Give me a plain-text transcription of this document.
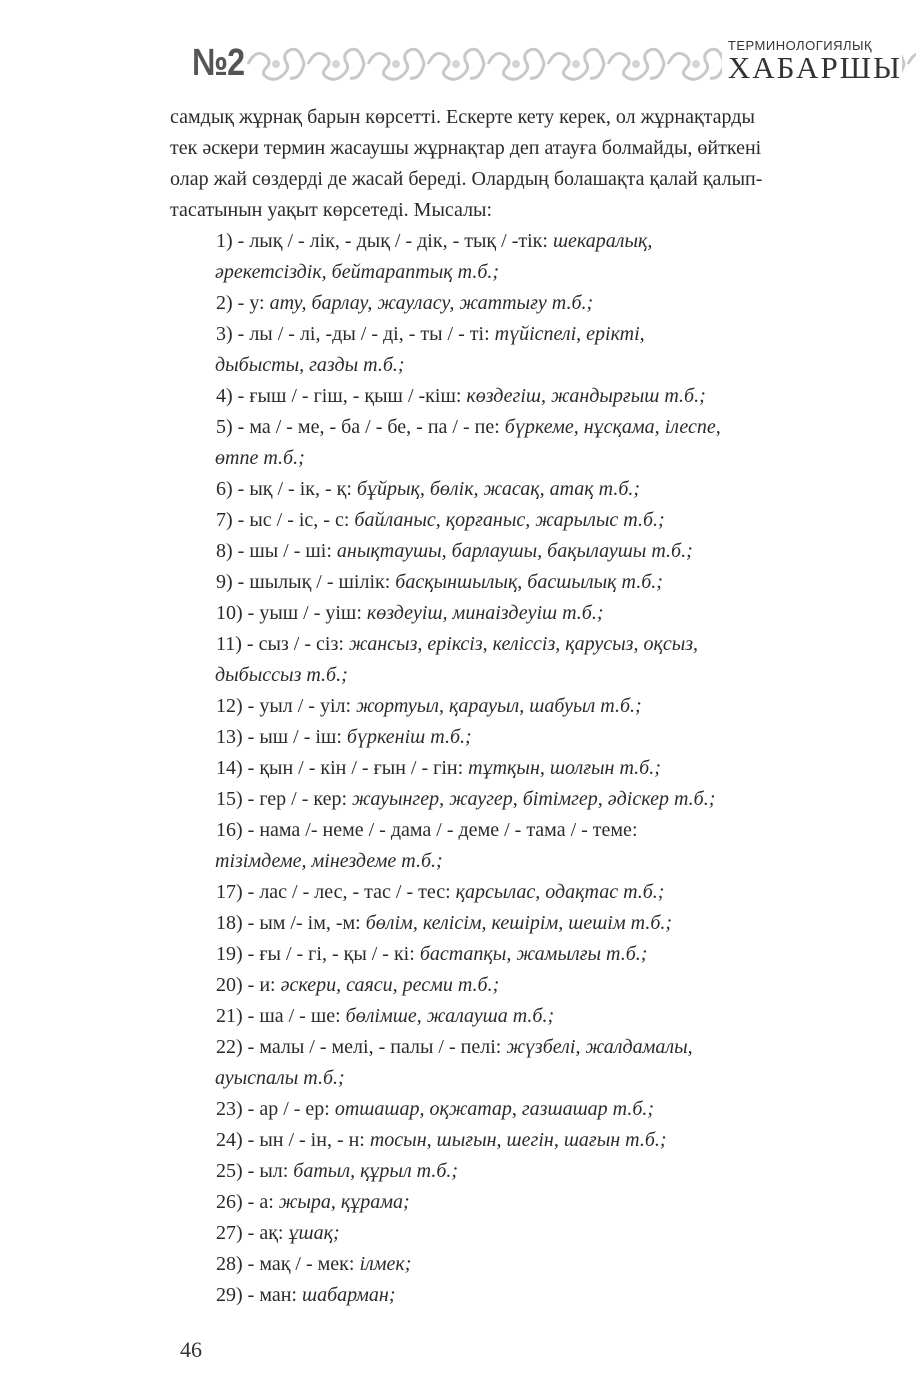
№2	ТЕРМИНОЛОГИЯЛЫҚ
ХАБАРШЫ
самдық жұрнақ барын көрсетті. Ескерте кету керек, ол жұрнақтарды
тек әскери термин жасаушы жұрнақтар деп атауға болмайды, өйткені
олар жай сөздерді де жасай береді. Олардың болашақта қалай қалып-
тасатынын уақыт көрсетеді. Мысалы:
1) - лық / - лік, - дық / - дік, - тық / -тік: шекаралық,
әрекетсіздік, бейтараптық т.б.;
2) - у: ату, барлау, жауласу, жаттығу т.б.;
3) - лы / - лі, -ды / - ді, - ты / - ті: түйіспелі, ерікті,
дыбысты, газды т.б.;
4) - ғыш / - гіш, - қыш / -кіш: көздегіш, жандырғыш т.б.;
5) - ма / - ме, - ба / - бе, - па / - пе: бүркеме, нұсқама, ілеспе,
өтпе т.б.;
6) - ық / - ік, - қ: бұйрық, бөлік, жасақ, атақ т.б.;
7) - ыс / - іс, - с: байланыс, қорғаныс, жарылыс т.б.;
8) - шы / - ші: анықтаушы, барлаушы, бақылаушы т.б.;
9) - шылық / - шілік: басқыншылық, басшылық т.б.;
10) - уыш / - уіш: көздеуіш, минаіздеуіш т.б.;
11) - сыз / - сіз: жансыз, еріксіз, келіссіз, қарусыз, оқсыз,
дыбыссыз т.б.;
12) - уыл / - уіл: жортуыл, қарауыл, шабуыл т.б.;
13) - ыш / - іш: бүркеніш т.б.;
14) - қын / - кін / - ғын / - гін: тұтқын, шолғын т.б.;
15) - гер / - кер: жауынгер, жаугер, бітімгер, әдіскер т.б.;
16) - нама /- неме / - дама / - деме / - тама / - теме:
тізімдеме, мінездеме т.б.;
17) - лас / - лес, - тас / - тес: қарсылас, одақтас т.б.;
18) - ым /- ім, -м: бөлім, келісім, кешірім, шешім т.б.;
19) - ғы / - гі, - қы / - кі: бастапқы, жамылғы т.б.;
20) - и: әскери, саяси, ресми т.б.;
21) - ша / - ше: бөлімше, жалауша т.б.;
22) - малы / - мелі, - палы / - пелі: жүзбелі, жалдамалы,
ауыспалы т.б.;
23) - ар / - ер: отшашар, оқжатар, газшашар т.б.;
24) - ын / - ін, - н: тосын, шығын, шегін, шағын т.б.;
25) - ыл: батыл, құрыл т.б.;
26) - а: жыра, құрама;
27) - ақ: ұшақ;
28) - мақ / - мек: ілмек;
29) - ман: шабарман;
46
